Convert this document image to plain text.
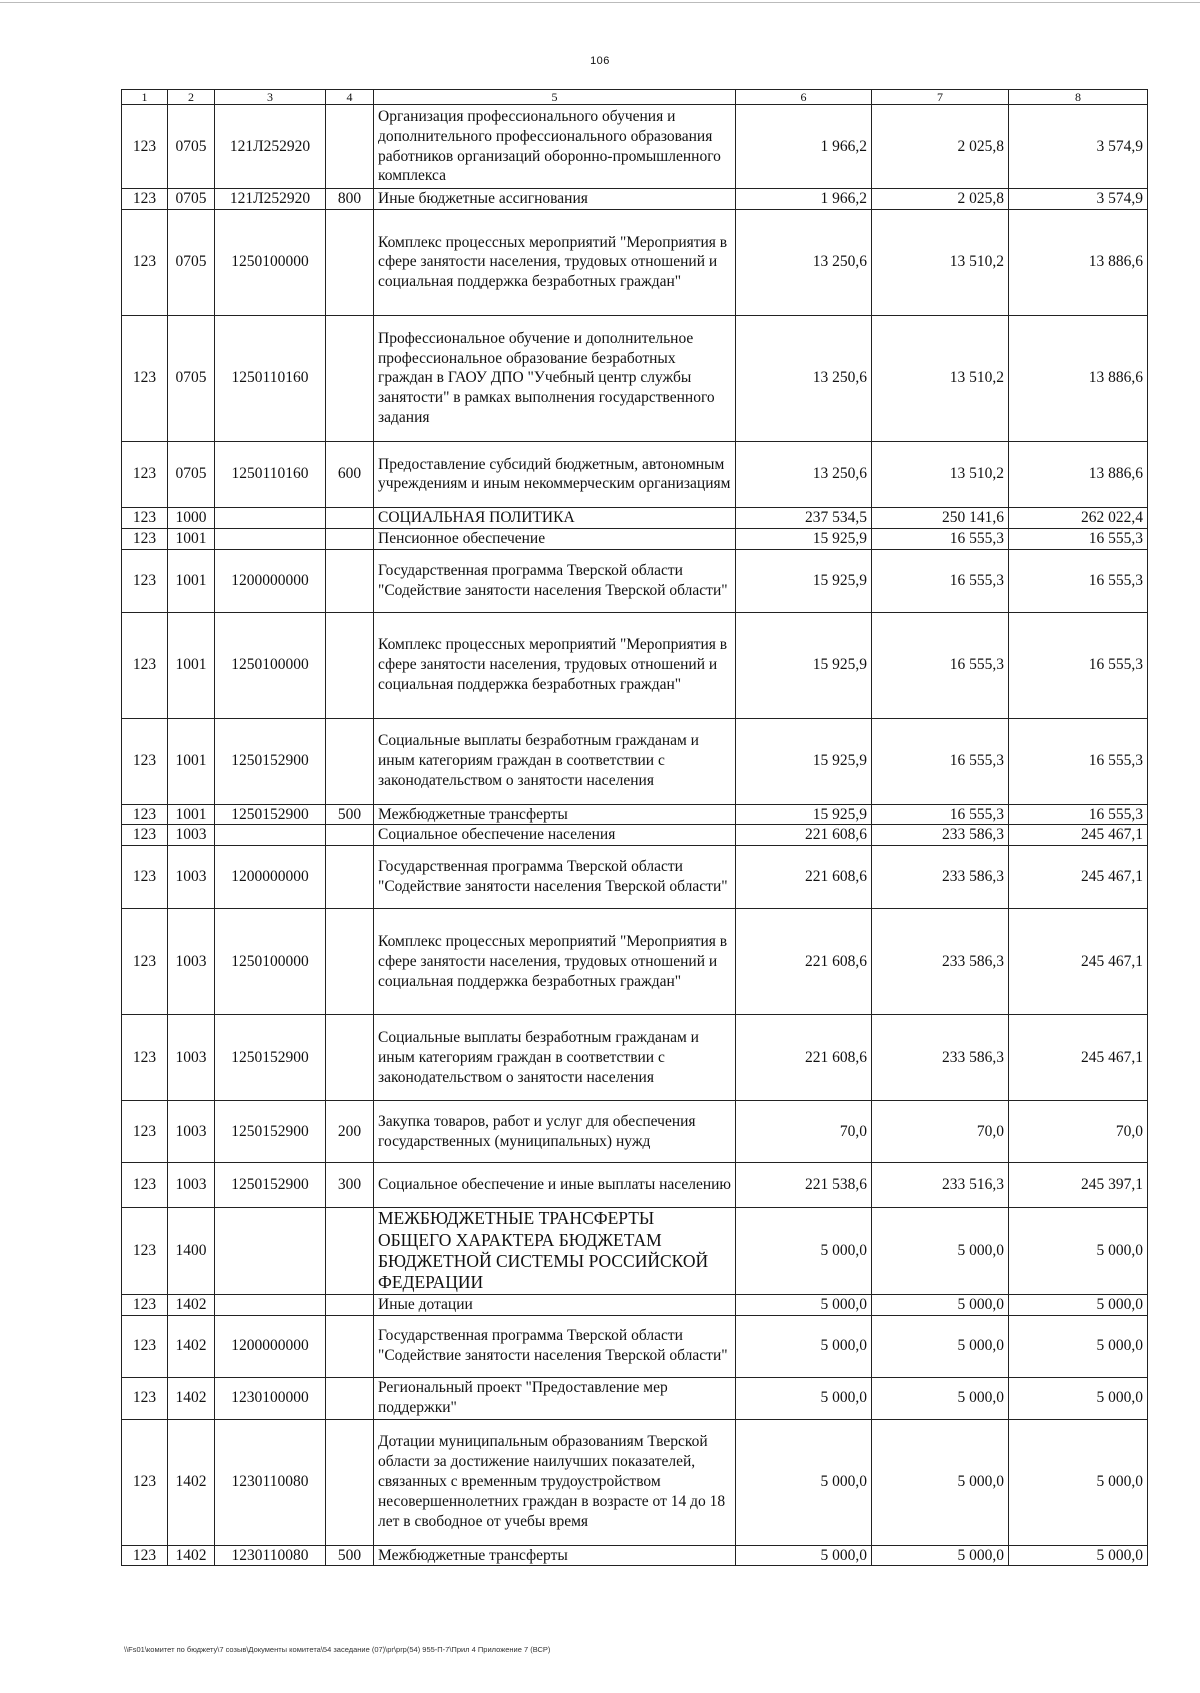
106
1	2	3	4	5	6	7	8
123	0705	121Л252920		Организация профессионального обучения и дополнительного профессионального образования работников организаций оборонно-промышленного комплекса	1 966,2	2 025,8	3 574,9
123	0705	121Л252920	800	Иные бюджетные ассигнования	1 966,2	2 025,8	3 574,9
123	0705	1250100000		Комплекс процессных мероприятий "Мероприятия в сфере занятости населения, трудовых отношений и социальная поддержка безработных граждан"	13 250,6	13 510,2	13 886,6
123	0705	1250110160		Профессиональное обучение и дополнительное профессиональное образование безработных граждан в ГАОУ ДПО "Учебный центр службы занятости" в рамках выполнения государственного задания	13 250,6	13 510,2	13 886,6
123	0705	1250110160	600	Предоставление субсидий бюджетным, автономным учреждениям и иным некоммерческим организациям	13 250,6	13 510,2	13 886,6
123	1000			СОЦИАЛЬНАЯ ПОЛИТИКА	237 534,5	250 141,6	262 022,4
123	1001			Пенсионное обеспечение	15 925,9	16 555,3	16 555,3
123	1001	1200000000		Государственная программа Тверской области "Содействие занятости населения Тверской области"	15 925,9	16 555,3	16 555,3
123	1001	1250100000		Комплекс процессных мероприятий "Мероприятия в сфере занятости населения, трудовых отношений и социальная поддержка безработных граждан"	15 925,9	16 555,3	16 555,3
123	1001	1250152900		Социальные выплаты безработным гражданам и иным категориям граждан в соответствии с законодательством о занятости населения	15 925,9	16 555,3	16 555,3
123	1001	1250152900	500	Межбюджетные трансферты	15 925,9	16 555,3	16 555,3
123	1003			Социальное обеспечение населения	221 608,6	233 586,3	245 467,1
123	1003	1200000000		Государственная программа Тверской области "Содействие занятости населения Тверской области"	221 608,6	233 586,3	245 467,1
123	1003	1250100000		Комплекс процессных мероприятий "Мероприятия в сфере занятости населения, трудовых отношений и социальная поддержка безработных граждан"	221 608,6	233 586,3	245 467,1
123	1003	1250152900		Социальные выплаты безработным гражданам и иным категориям граждан в соответствии с законодательством о занятости населения	221 608,6	233 586,3	245 467,1
123	1003	1250152900	200	Закупка товаров, работ и услуг для обеспечения государственных (муниципальных) нужд	70,0	70,0	70,0
123	1003	1250152900	300	Социальное обеспечение и иные выплаты населению	221 538,6	233 516,3	245 397,1
123	1400			МЕЖБЮДЖЕТНЫЕ ТРАНСФЕРТЫ ОБЩЕГО ХАРАКТЕРА БЮДЖЕТАМ БЮДЖЕТНОЙ СИСТЕМЫ РОССИЙСКОЙ ФЕДЕРАЦИИ	5 000,0	5 000,0	5 000,0
123	1402			Иные дотации	5 000,0	5 000,0	5 000,0
123	1402	1200000000		Государственная программа Тверской области "Содействие занятости населения Тверской области"	5 000,0	5 000,0	5 000,0
123	1402	1230100000		Региональный проект "Предоставление мер поддержки"	5 000,0	5 000,0	5 000,0
123	1402	1230110080		Дотации муниципальным образованиям Тверской области за достижение наилучших показателей, связанных с временным трудоустройством несовершеннолетних граждан в возрасте от 14 до 18 лет в свободное от учебы время	5 000,0	5 000,0	5 000,0
123	1402	1230110080	500	Межбюджетные трансферты	5 000,0	5 000,0	5 000,0
\\Fs01\комитет по бюджету\7 созыв\Документы комитета\54 заседание (07)\pr\prp(54) 955-П-7\Прил 4 Приложение 7 (ВСР)
